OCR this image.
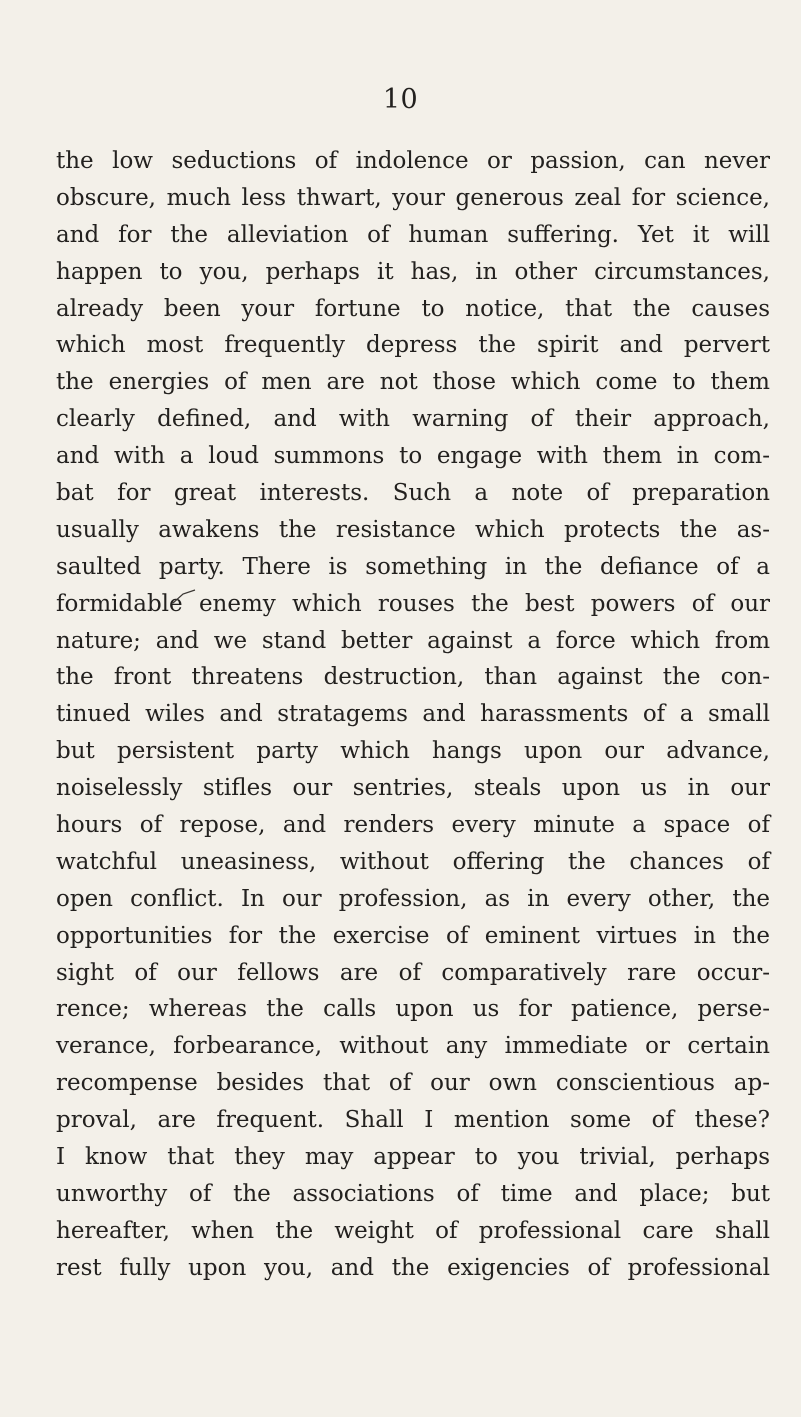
10
the low seductions of indolence or passion, can never
obscure, much less thwart, your generous zeal for science,
and for the alleviation of human suffering. Yet it will
happen to you, perhaps it has, in other circumstances,
already been your fortune to notice, that the causes
which most frequently depress the spirit and pervert
the energies of men are not those which come to them
clearly defined, and with warning of their approach,
and with a loud summons to engage with them in com-
bat for great interests. Such a note of preparation
usually awakens the resistance which protects the as-
saulted party. There is something in the defiance of a
formidable enemy which rouses the best powers of our
nature; and we stand better against a force which from
the front threatens destruction, than against the con-
tinued wiles and stratagems and harassments of a small
but persistent party which hangs upon our advance,
noiselessly stifles our sentries, steals upon us in our
hours of repose, and renders every minute a space of
watchful uneasiness, without offering the chances of
open conflict. In our profession, as in every other, the
opportunities for the exercise of eminent virtues in the
sight of our fellows are of comparatively rare occur-
rence; whereas the calls upon us for patience, perse-
verance, forbearance, without any immediate or certain
recompense besides that of our own conscientious ap-
proval, are frequent. Shall I mention some of these?
I know that they may appear to you trivial, perhaps
unworthy of the associations of time and place; but
hereafter, when the weight of professional care shall
rest fully upon you, and the exigencies of professional
